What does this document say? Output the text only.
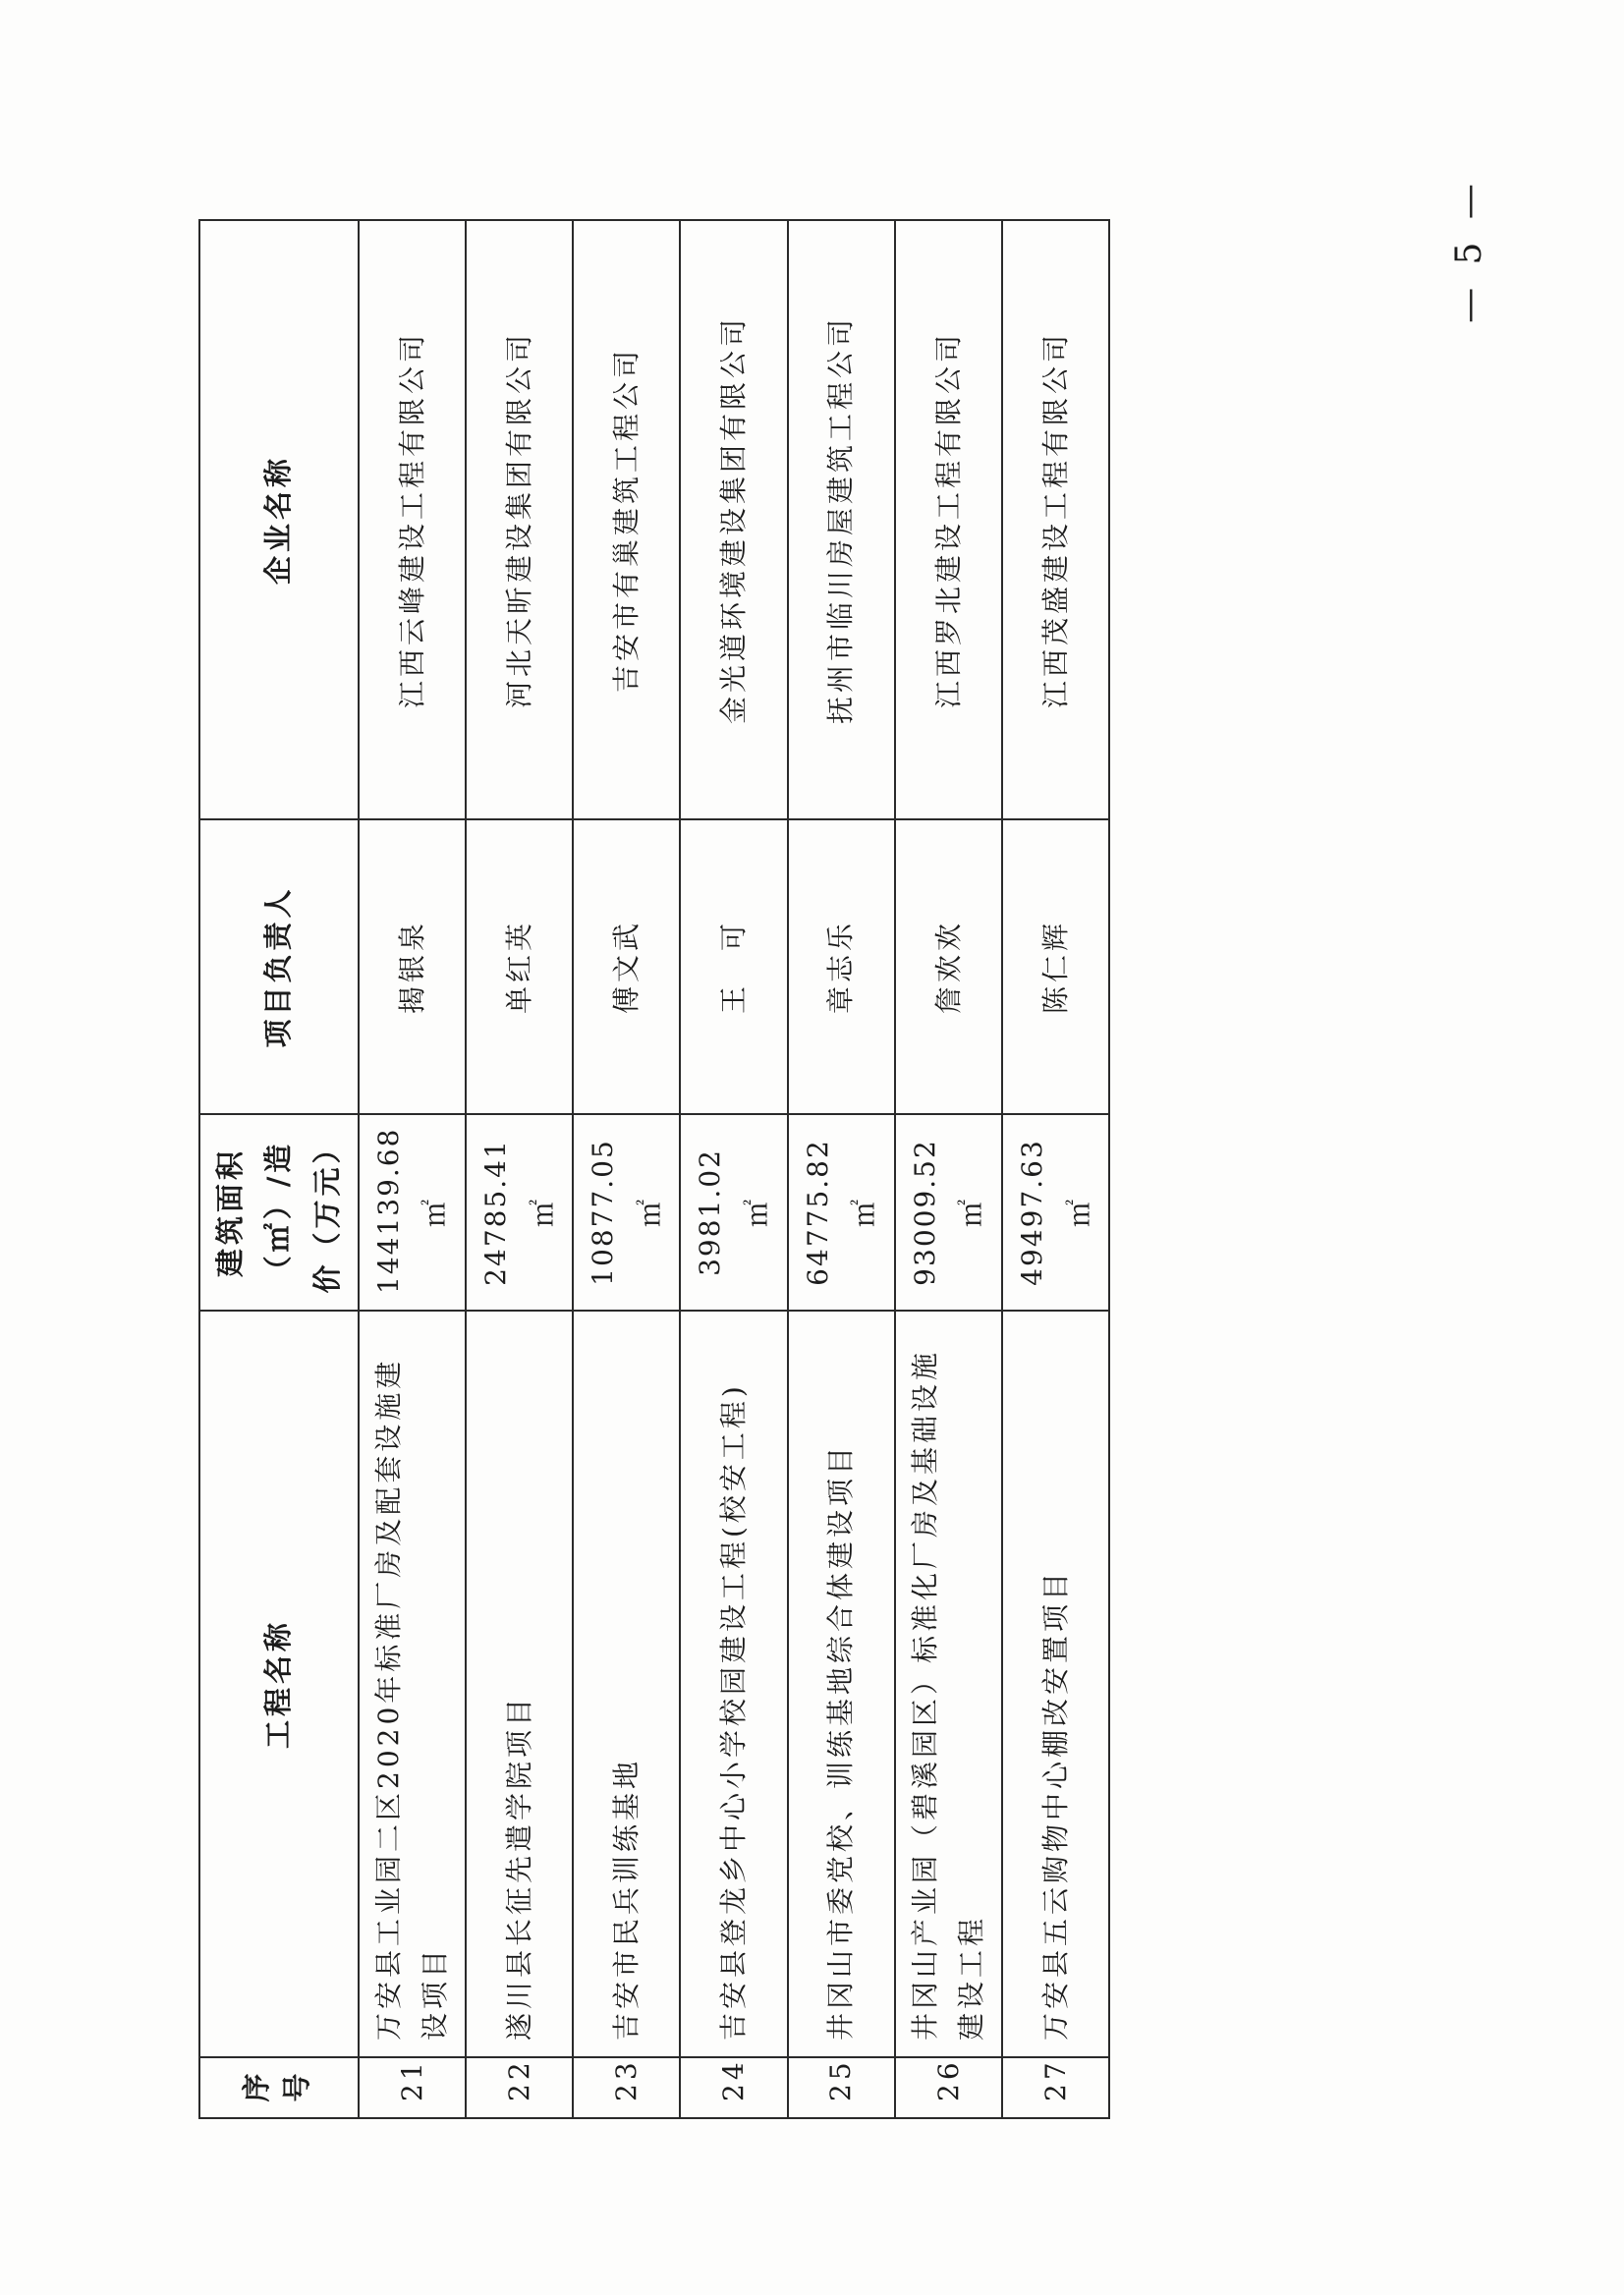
— 5 —
序号	工程名称	建筑面积（㎡）/造价（万元）	项目负责人	企业名称
21	万安县工业园二区2020年标准厂房及配套设施建设项目	144139.68 ㎡	揭银泉	江西云峰建设工程有限公司
22	遂川县长征先遣学院项目	24785.41 ㎡	单红英	河北天昕建设集团有限公司
23	吉安市民兵训练基地	10877.05 ㎡	傅文武	吉安市有巢建筑工程公司
24	吉安县登龙乡中心小学校园建设工程(校安工程)	3981.02 ㎡	王　可	金光道环境建设集团有限公司
25	井冈山市委党校、训练基地综合体建设项目	64775.82 ㎡	章志乐	抚州市临川房屋建筑工程公司
26	井冈山产业园（碧溪园区）标准化厂房及基础设施建设工程	93009.52 ㎡	詹欢欢	江西罗北建设工程有限公司
27	万安县五云购物中心棚改安置项目	49497.63 ㎡	陈仁辉	江西茂盛建设工程有限公司
